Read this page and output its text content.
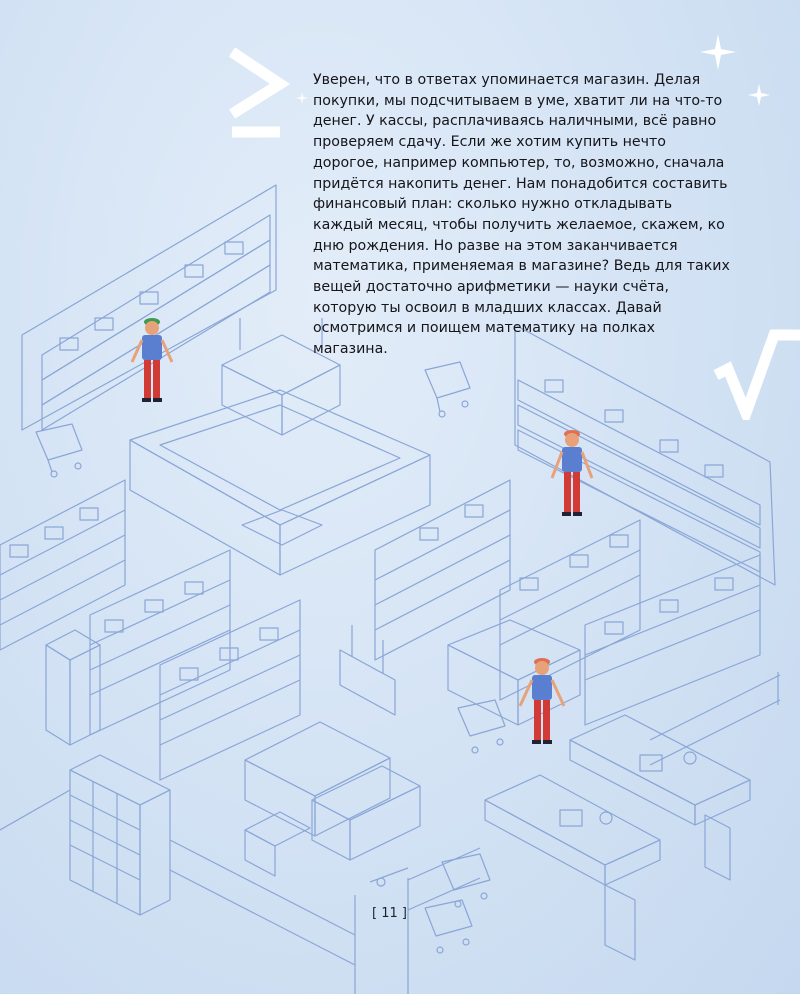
Уверен, что в ответах упоминается магазин. Делая покупки, мы подсчитываем в уме, хватит ли на что-то денег. У кассы, расплачиваясь наличными, всё равно проверяем сдачу. Если же хотим купить нечто дорогое, например компьютер, то, возможно, сначала придётся накопить денег. Нам понадобится составить финансовый план: сколько нужно откладывать каждый месяц, чтобы получить желаемое, скажем, ко дню рождения. Но разве на этом заканчивается математика, применяемая в магазине? Ведь для таких вещей достаточно арифметики — науки счёта, которую ты освоил в младших классах. Давай осмотримся и поищем математику на полках магазина.

[ 11 ]
